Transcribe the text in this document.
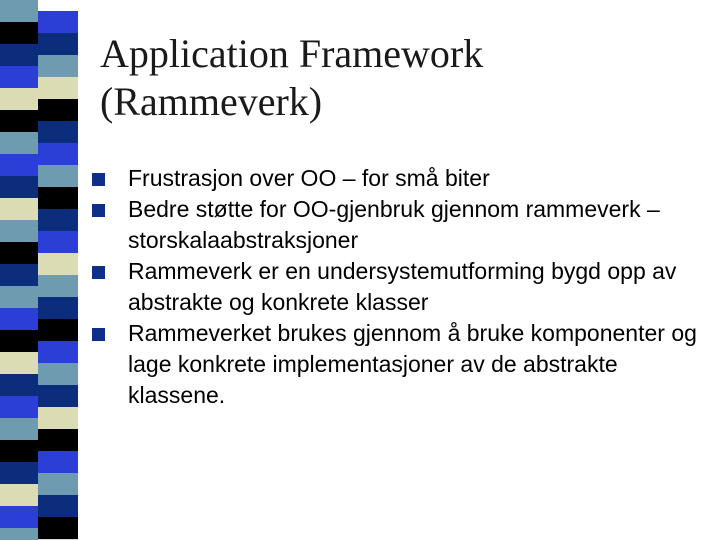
Application Framework
(Rammeverk)
Frustrasjon over OO – for små biter
Bedre støtte for OO-gjenbruk gjennom rammeverk – storskalaabstraksjoner
Rammeverk er en undersystemutforming bygd opp av abstrakte og konkrete klasser
Rammeverket brukes gjennom å bruke komponenter og lage konkrete implementasjoner av de abstrakte klassene.
